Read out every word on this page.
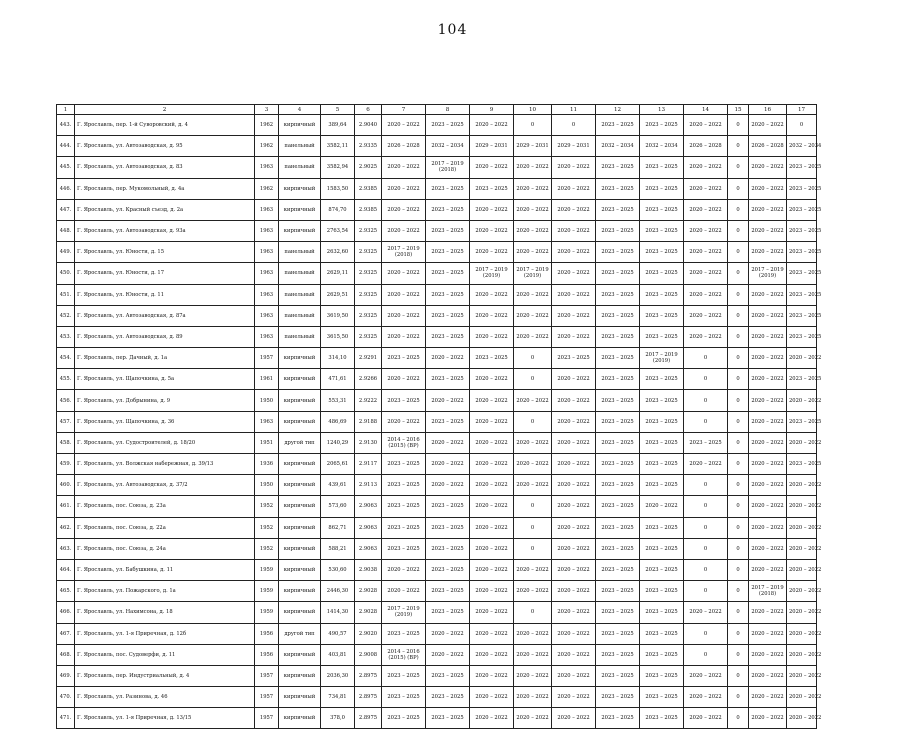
104
1	2	3	4	5	6	7	8	9	10	11	12	13	14	15	16	17
443.	Г. Ярославль, пер. 1-й Суворовский, д. 4	1962	кирпичный	389,64	2.9040	2020 – 2022	2023 – 2025	2020 – 2022	0	0	2023 – 2025	2023 – 2025	2020 – 2022	0	2020 – 2022	0
444.	Г. Ярославль, ул. Автозаводская, д. 95	1962	панельный	3582,11	2.9335	2026 – 2028	2032 – 2034	2029 – 2031	2029 – 2031	2029 – 2031	2032 – 2034	2032 – 2034	2026 – 2028	0	2026 – 2028	2032 – 2034
445.	Г. Ярославль, ул. Автозаводская, д. 83	1963	панельный	3582,94	2.9025	2020 – 2022	2017 – 2019 (2018)	2020 – 2022	2020 – 2022	2020 – 2022	2023 – 2025	2023 – 2025	2020 – 2022	0	2020 – 2022	2023 – 2025
446.	Г. Ярославль, пер. Мукомольный, д. 4а	1962	кирпичный	1583,50	2.9385	2020 – 2022	2023 – 2025	2023 – 2025	2020 – 2022	2020 – 2022	2023 – 2025	2023 – 2025	2020 – 2022	0	2020 – 2022	2023 – 2025
447.	Г. Ярославль, ул. Красный съезд, д. 2а	1963	кирпичный	874,70	2.9385	2020 – 2022	2023 – 2025	2020 – 2022	2020 – 2022	2020 – 2022	2023 – 2025	2023 – 2025	2020 – 2022	0	2020 – 2022	2023 – 2025
448.	Г. Ярославль, ул. Автозаводская, д. 93а	1963	кирпичный	2763,54	2.9325	2020 – 2022	2023 – 2025	2020 – 2022	2020 – 2022	2020 – 2022	2023 – 2025	2023 – 2025	2020 – 2022	0	2020 – 2022	2023 – 2025
449.	Г. Ярославль, ул. Юности, д. 15	1963	панельный	2632,60	2.9325	2017 – 2019 (2018)	2023 – 2025	2020 – 2022	2020 – 2022	2020 – 2022	2023 – 2025	2023 – 2025	2020 – 2022	0	2020 – 2022	2023 – 2025
450.	Г. Ярославль, ул. Юности, д. 17	1963	панельный	2629,11	2.9325	2020 – 2022	2023 – 2025	2017 – 2019 (2019)	2017 – 2019 (2019)	2020 – 2022	2023 – 2025	2023 – 2025	2020 – 2022	0	2017 – 2019 (2019)	2023 – 2025
451.	Г. Ярославль, ул. Юности, д. 11	1963	панельный	2629,51	2.9325	2020 – 2022	2023 – 2025	2020 – 2022	2020 – 2022	2020 – 2022	2023 – 2025	2023 – 2025	2020 – 2022	0	2020 – 2022	2023 – 2025
452.	Г. Ярославль, ул. Автозаводская, д. 87а	1963	панельный	3619,50	2.9325	2020 – 2022	2023 – 2025	2020 – 2022	2020 – 2022	2020 – 2022	2023 – 2025	2023 – 2025	2020 – 2022	0	2020 – 2022	2023 – 2025
453.	Г. Ярославль, ул. Автозаводская, д. 89	1963	панельный	3615,50	2.9325	2020 – 2022	2023 – 2025	2020 – 2022	2020 – 2022	2020 – 2022	2023 – 2025	2023 – 2025	2020 – 2022	0	2020 – 2022	2023 – 2025
454.	Г. Ярославль, пер. Дачный, д. 1а	1957	кирпичный	314,10	2.9291	2023 – 2025	2020 – 2022	2023 – 2025	0	2023 – 2025	2023 – 2025	2017 – 2019 (2019)	0	0	2020 – 2022	2020 – 2022
455.	Г. Ярославль, ул. Щапочкина, д. 5а	1961	кирпичный	471,61	2.9266	2020 – 2022	2023 – 2025	2020 – 2022	0	2020 – 2022	2023 – 2025	2023 – 2025	0	0	2020 – 2022	2023 – 2025
456.	Г. Ярославль, ул. Добрынина, д. 9	1950	кирпичный	553,31	2.9222	2023 – 2025	2020 – 2022	2020 – 2022	2020 – 2022	2020 – 2022	2023 – 2025	2023 – 2025	0	0	2020 – 2022	2020 – 2022
457.	Г. Ярославль, ул. Щапочкина, д. 36	1963	кирпичный	486,69	2.9188	2020 – 2022	2023 – 2025	2020 – 2022	0	2020 – 2022	2023 – 2025	2023 – 2025	0	0	2020 – 2022	2023 – 2025
458.	Г. Ярославль, ул. Судостроителей, д. 18/20	1951	другой тип	1240,29	2.9130	2014 – 2016 (2015) (ВР)	2020 – 2022	2020 – 2022	2020 – 2022	2020 – 2022	2023 – 2025	2023 – 2025	2023 – 2025	0	2020 – 2022	2020 – 2022
459.	Г. Ярославль, ул. Волжская набережная, д. 39/13	1936	кирпичный	2065,61	2.9117	2023 – 2025	2020 – 2022	2020 – 2022	2020 – 2022	2020 – 2022	2023 – 2025	2023 – 2025	2020 – 2022	0	2020 – 2022	2023 – 2025
460.	Г. Ярославль, ул. Автозаводская, д. 37/2	1950	кирпичный	439,61	2.9113	2023 – 2025	2020 – 2022	2020 – 2022	2020 – 2022	2020 – 2022	2023 – 2025	2023 – 2025	0	0	2020 – 2022	2020 – 2022
461.	Г. Ярославль, пос. Союза, д. 23а	1952	кирпичный	573,60	2.9063	2023 – 2025	2023 – 2025	2020 – 2022	0	2020 – 2022	2023 – 2025	2020 – 2022	0	0	2020 – 2022	2020 – 2022
462.	Г. Ярославль, пос. Союза, д. 22а	1952	кирпичный	862,71	2.9063	2023 – 2025	2023 – 2025	2020 – 2022	0	2020 – 2022	2023 – 2025	2023 – 2025	0	0	2020 – 2022	2020 – 2022
463.	Г. Ярославль, пос. Союза, д. 24а	1952	кирпичный	588,21	2.9063	2023 – 2025	2023 – 2025	2020 – 2022	0	2020 – 2022	2023 – 2025	2023 – 2025	0	0	2020 – 2022	2020 – 2022
464.	Г. Ярославль, ул. Бабушкина, д. 11	1959	кирпичный	530,60	2.9038	2020 – 2022	2023 – 2025	2020 – 2022	2020 – 2022	2020 – 2022	2023 – 2025	2023 – 2025	0	0	2020 – 2022	2020 – 2022
465.	Г. Ярославль, ул. Пожарского, д. 1а	1959	кирпичный	2446,30	2.9028	2020 – 2022	2023 – 2025	2020 – 2022	2020 – 2022	2020 – 2022	2023 – 2025	2023 – 2025	0	0	2017 – 2019 (2018)	2020 – 2022
466.	Г. Ярославль, ул. Нахимсона, д. 18	1959	кирпичный	1414,30	2.9028	2017 – 2019 (2019)	2023 – 2025	2020 – 2022	0	2020 – 2022	2023 – 2025	2023 – 2025	2020 – 2022	0	2020 – 2022	2020 – 2022
467.	Г. Ярославль, ул. 1-я Приречная, д. 12б	1956	другой тип	490,57	2.9020	2023 – 2025	2020 – 2022	2020 – 2022	2020 – 2022	2020 – 2022	2023 – 2025	2023 – 2025	0	0	2020 – 2022	2020 – 2022
468.	Г. Ярославль, пос. Судоверфи, д. 11	1956	кирпичный	403,81	2.9008	2014 – 2016 (2015) (ВР)	2020 – 2022	2020 – 2022	2020 – 2022	2020 – 2022	2023 – 2025	2023 – 2025	0	0	2020 – 2022	2020 – 2022
469.	Г. Ярославль, пер. Индустриальный, д. 4	1957	кирпичный	2036,30	2.8975	2023 – 2025	2023 – 2025	2020 – 2022	2020 – 2022	2020 – 2022	2023 – 2025	2023 – 2025	2020 – 2022	0	2020 – 2022	2020 – 2022
470.	Г. Ярославль, ул. Разинова, д. 46	1957	кирпичный	734,81	2.8975	2023 – 2025	2023 – 2025	2020 – 2022	2020 – 2022	2020 – 2022	2023 – 2025	2023 – 2025	2020 – 2022	0	2020 – 2022	2020 – 2022
471.	Г. Ярославль, ул. 1-я Приречная, д. 13/15	1957	кирпичный	378,0	2.8975	2023 – 2025	2023 – 2025	2020 – 2022	2020 – 2022	2020 – 2022	2023 – 2025	2023 – 2025	2020 – 2022	0	2020 – 2022	2020 – 2022
